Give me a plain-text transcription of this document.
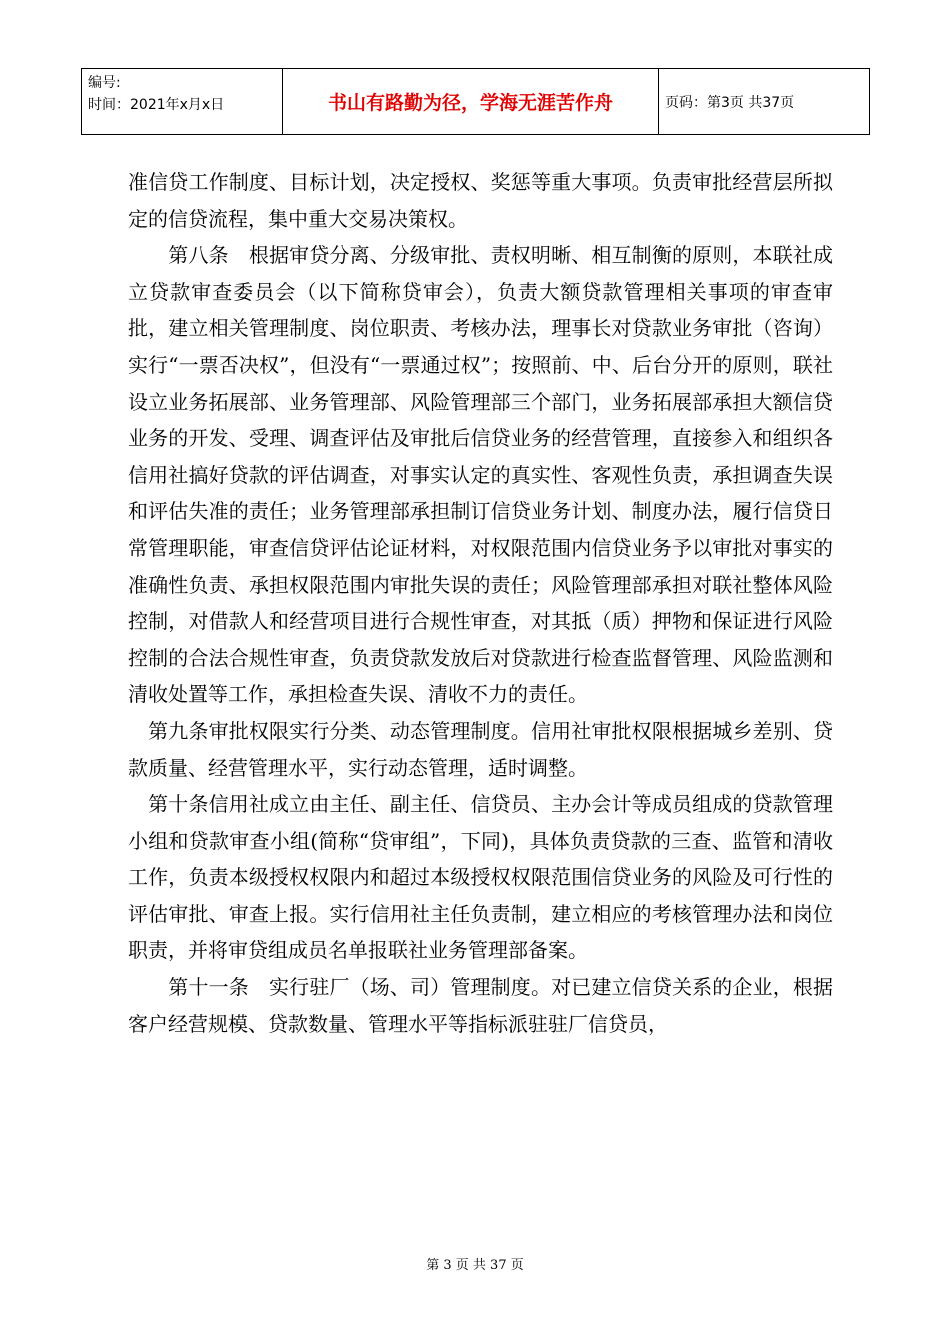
编号:
时间：2021年x月x日	书山有路勤为径，学海无涯苦作舟	页码：第3页 共37页

准信贷工作制度、目标计划，决定授权、奖惩等重大事项。负责审批经营层所拟定的信贷流程，集中重大交易决策权。

　　第八条　根据审贷分离、分级审批、责权明晰、相互制衡的原则，本联社成立贷款审查委员会（以下简称贷审会），负责大额贷款管理相关事项的审查审批，建立相关管理制度、岗位职责、考核办法，理事长对贷款业务审批（咨询）实行“一票否决权”，但没有“一票通过权”；按照前、中、后台分开的原则，联社设立业务拓展部、业务管理部、风险管理部三个部门，业务拓展部承担大额信贷业务的开发、受理、调查评估及审批后信贷业务的经营管理，直接参入和组织各信用社搞好贷款的评估调查，对事实认定的真实性、客观性负责，承担调查失误和评估失准的责任；业务管理部承担制订信贷业务计划、制度办法，履行信贷日常管理职能，审查信贷评估论证材料，对权限范围内信贷业务予以审批对事实的准确性负责、承担权限范围内审批失误的责任；风险管理部承担对联社整体风险控制，对借款人和经营项目进行合规性审查，对其抵（质）押物和保证进行风险控制的合法合规性审查，负责贷款发放后对贷款进行检查监督管理、风险监测和清收处置等工作，承担检查失误、清收不力的责任。

　第九条审批权限实行分类、动态管理制度。信用社审批权限根据城乡差别、贷款质量、经营管理水平，实行动态管理，适时调整。

　第十条信用社成立由主任、副主任、信贷员、主办会计等成员组成的贷款管理小组和贷款审查小组(简称“贷审组”，下同)，具体负责贷款的三查、监管和清收工作，负责本级授权权限内和超过本级授权权限范围信贷业务的风险及可行性的评估审批、审查上报。实行信用社主任负责制，建立相应的考核管理办法和岗位职责，并将审贷组成员名单报联社业务管理部备案。

　　第十一条　实行驻厂（场、司）管理制度。对已建立信贷关系的企业，根据客户经营规模、贷款数量、管理水平等指标派驻驻厂信贷员，

第 3 页 共 37 页
